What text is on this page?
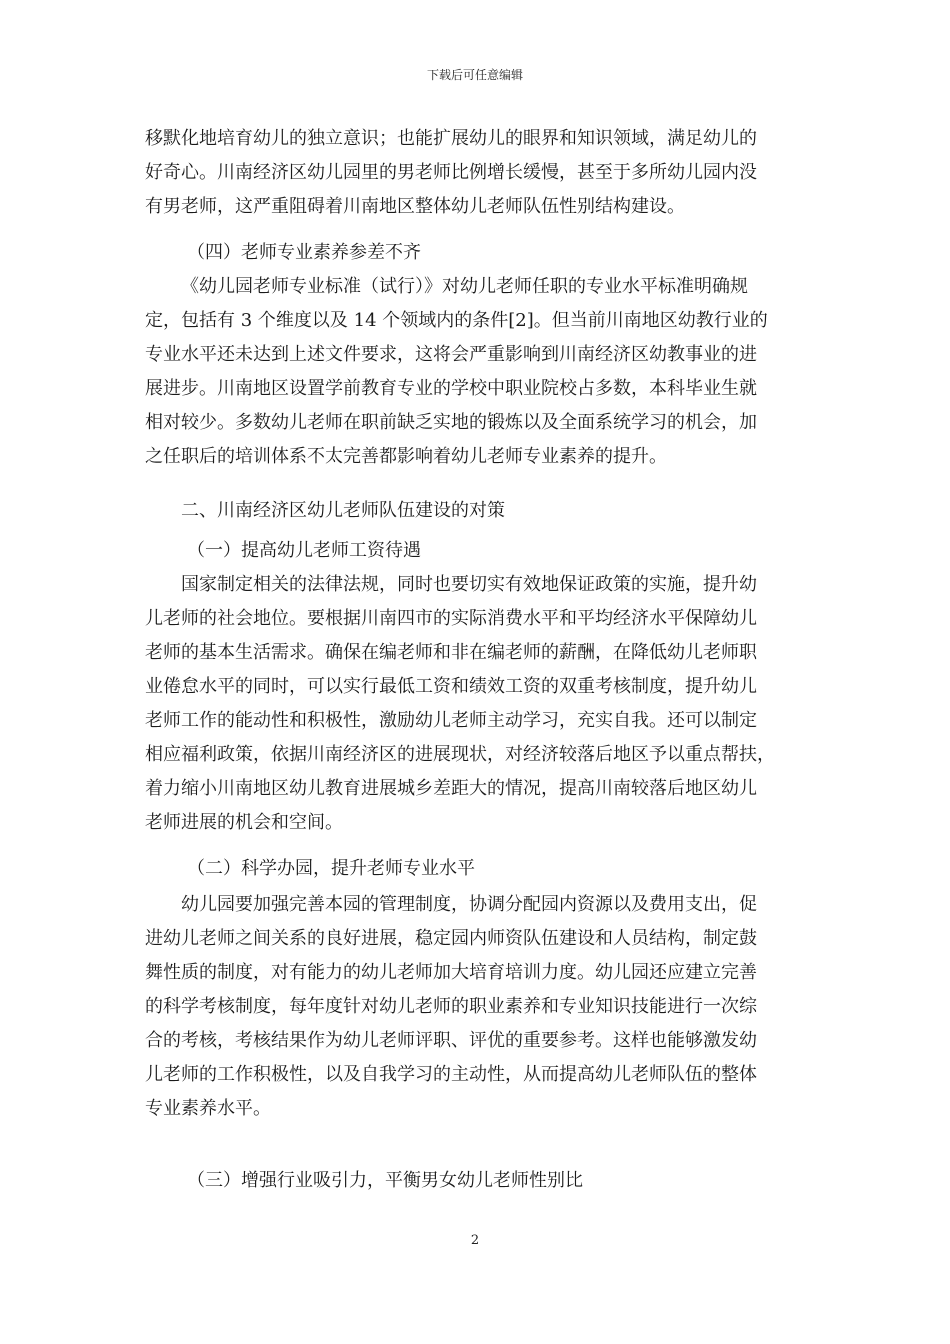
下载后可任意编辑
移默化地培育幼儿的独立意识；也能扩展幼儿的眼界和知识领域，满足幼儿的
好奇心。川南经济区幼儿园里的男老师比例增长缓慢，甚至于多所幼儿园内没
有男老师，这严重阻碍着川南地区整体幼儿老师队伍性别结构建设。
（四）老师专业素养参差不齐
《幼儿园老师专业标准（试行）》对幼儿老师任职的专业水平标准明确规
定，包括有 3 个维度以及 14 个领域内的条件[2]。但当前川南地区幼教行业的
专业水平还未达到上述文件要求，这将会严重影响到川南经济区幼教事业的进
展进步。川南地区设置学前教育专业的学校中职业院校占多数，本科毕业生就
相对较少。多数幼儿老师在职前缺乏实地的锻炼以及全面系统学习的机会，加
之任职后的培训体系不太完善都影响着幼儿老师专业素养的提升。
二、川南经济区幼儿老师队伍建设的对策
（一）提高幼儿老师工资待遇
国家制定相关的法律法规，同时也要切实有效地保证政策的实施，提升幼
儿老师的社会地位。要根据川南四市的实际消费水平和平均经济水平保障幼儿
老师的基本生活需求。确保在编老师和非在编老师的薪酬，在降低幼儿老师职
业倦怠水平的同时，可以实行最低工资和绩效工资的双重考核制度，提升幼儿
老师工作的能动性和积极性，激励幼儿老师主动学习，充实自我。还可以制定
相应福利政策，依据川南经济区的进展现状，对经济较落后地区予以重点帮扶，
着力缩小川南地区幼儿教育进展城乡差距大的情况，提高川南较落后地区幼儿
老师进展的机会和空间。
（二）科学办园，提升老师专业水平
幼儿园要加强完善本园的管理制度，协调分配园内资源以及费用支出，促
进幼儿老师之间关系的良好进展，稳定园内师资队伍建设和人员结构，制定鼓
舞性质的制度，对有能力的幼儿老师加大培育培训力度。幼儿园还应建立完善
的科学考核制度，每年度针对幼儿老师的职业素养和专业知识技能进行一次综
合的考核，考核结果作为幼儿老师评职、评优的重要参考。这样也能够激发幼
儿老师的工作积极性，以及自我学习的主动性，从而提高幼儿老师队伍的整体
专业素养水平。
（三）增强行业吸引力，平衡男女幼儿老师性别比
2
